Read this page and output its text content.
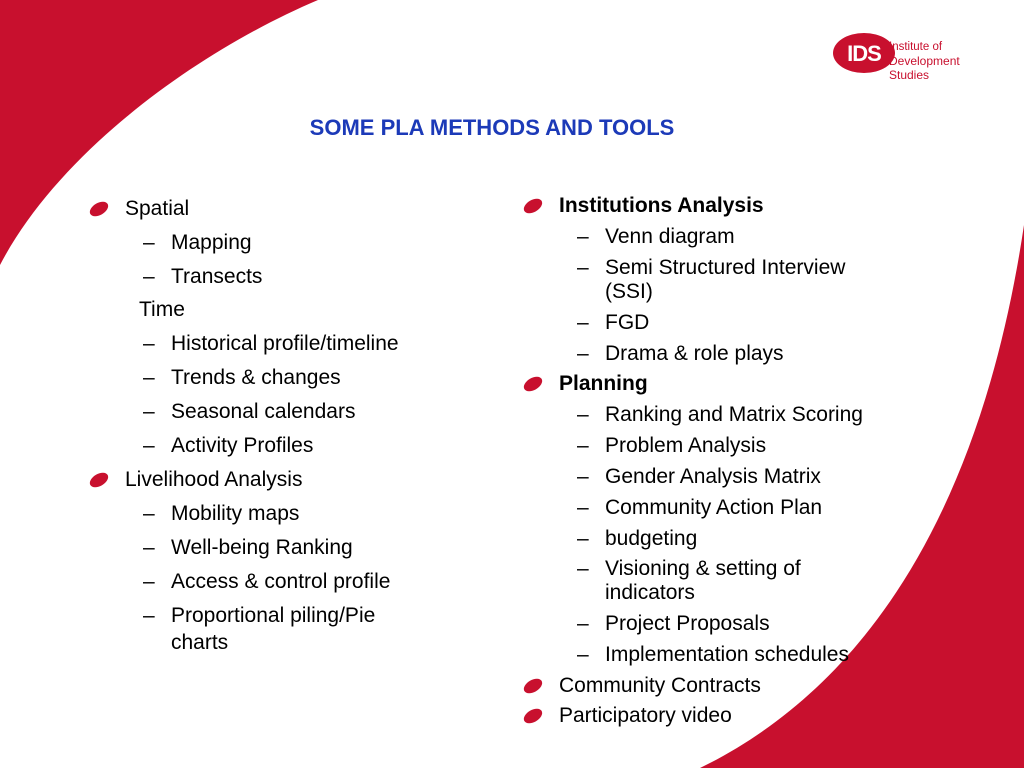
IDS Institute of
Development Studies
SOME PLA METHODS AND TOOLS
Spatial
– Mapping
– Transects
Time
– Historical profile/timeline
– Trends & changes
– Seasonal calendars
– Activity Profiles
Livelihood Analysis
– Mobility maps
– Well-being Ranking
– Access & control profile
– Proportional piling/Pie
charts
Institutions Analysis
– Venn diagram
– Semi Structured Interview
(SSI)
– FGD
– Drama & role plays
Planning
– Ranking and Matrix Scoring
– Problem Analysis
– Gender Analysis Matrix
– Community Action Plan
– budgeting
– Visioning & setting of
indicators
– Project Proposals
– Implementation schedules
Community Contracts
Participatory video
